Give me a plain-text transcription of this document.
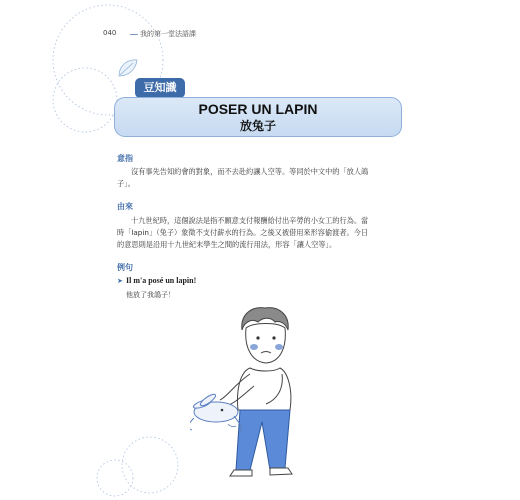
040	我的第一堂法語課
豆知識
POSER UN LAPIN
放兔子
意指

沒有事先告知約會的對象，而不去赴約讓人空等。等同於中文中的「放人鴿
子」。

由來

十九世紀時，這個說法是指不願意支付報酬給付出辛勞的小女工的行為。當
時「lapin」（兔子）象徵不支付薪水的行為。之後又被借用來形容偷渡者。今日
的意思則是沿用十九世紀末學生之間的流行用法，形容「讓人空等」。

例句
➤ Il m'a posé un lapin!
他放了我鴿子！
